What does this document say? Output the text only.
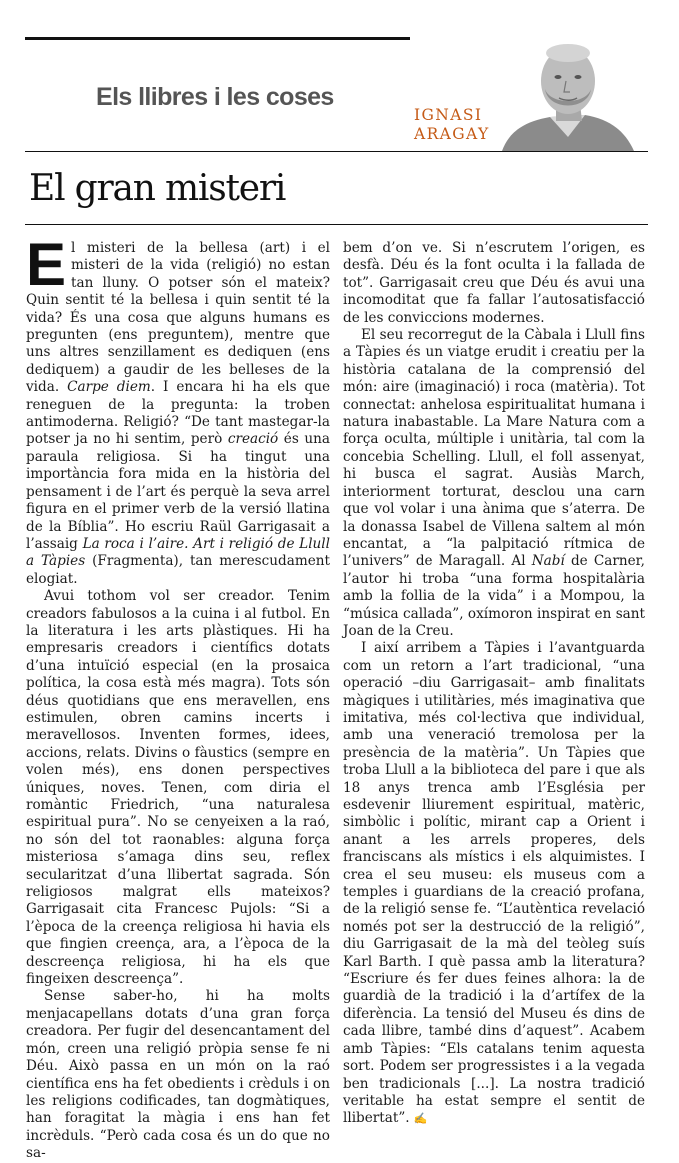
Els llibres i les coses
IGNASI
ARAGAY
El gran misteri

El misteri de la bellesa (art) i el misteri de la vida (religió) no estan tan lluny. O potser són el mateix? Quin sentit té la bellesa i quin sentit té la vida? És una cosa que alguns humans es pregunten (ens preguntem), mentre que uns altres senzillament es dediquen (ens dediquem) a gaudir de les belleses de la vida. Carpe diem. I encara hi ha els que reneguen de la pregunta: la troben antimoderna. Religió? “De tant mastegar-la potser ja no hi sentim, però creació és una paraula religiosa. Si ha tingut una importància fora mida en la història del pensament i de l’art és perquè la seva arrel figura en el primer verb de la versió llatina de la Bíblia”. Ho escriu Raül Garrigasait a l’assaig La roca i l’aire. Art i religió de Llull a Tàpies (Fragmenta), tan merescudament elogiat.

Avui tothom vol ser creador. Tenim creadors fabulosos a la cuina i al futbol. En la literatura i les arts plàstiques. Hi ha empresaris creadors i científics dotats d’una intuïció especial (en la prosaica política, la cosa està més magra). Tots són déus quotidians que ens meravellen, ens estimulen, obren camins incerts i meravellosos. Inventen formes, idees, accions, relats. Divins o fàustics (sempre en volen més), ens donen perspectives úniques, noves. Tenen, com diria el romàntic Friedrich, “una naturalesa espiritual pura”. No se cenyeixen a la raó, no són del tot raonables: alguna força misteriosa s’amaga dins seu, reflex secularitzat d’una llibertat sagrada. Són religiosos malgrat ells mateixos? Garrigasait cita Francesc Pujols: “Si a l’època de la creença religiosa hi havia els que fingien creença, ara, a l’època de la descreença religiosa, hi ha els que fingeixen descreença”.

Sense saber-ho, hi ha molts menjacapellans dotats d’una gran força creadora. Per fugir del desencantament del món, creen una religió pròpia sense fe ni Déu. Això passa en un món on la raó científica ens ha fet obedients i crèduls i on les religions codificades, tan dogmàtiques, han foragitat la màgia i ens han fet incrèduls. “Però cada cosa és un do que no sa-

bem d’on ve. Si n’escrutem l’origen, es desfà. Déu és la font oculta i la fallada de tot”. Garrigasait creu que Déu és avui una incomoditat que fa fallar l’autosatisfacció de les conviccions modernes.

El seu recorregut de la Càbala i Llull fins a Tàpies és un viatge erudit i creatiu per la història catalana de la comprensió del món: aire (imaginació) i roca (matèria). Tot connectat: anhelosa espiritualitat humana i natura inabastable. La Mare Natura com a força oculta, múltiple i unitària, tal com la concebia Schelling. Llull, el foll assenyat, hi busca el sagrat. Ausiàs March, interiorment torturat, desclou una carn que vol volar i una ànima que s’aterra. De la donassa Isabel de Villena saltem al món encantat, a “la palpitació rítmica de l’univers” de Maragall. Al Nabí de Carner, l’autor hi troba “una forma hospitalària amb la follia de la vida” i a Mompou, la “música callada”, oxímoron inspirat en sant Joan de la Creu.

I així arribem a Tàpies i l’avantguarda com un retorn a l’art tradicional, “una operació –diu Garrigasait– amb finalitats màgiques i utilitàries, més imaginativa que imitativa, més col·lectiva que individual, amb una veneració tremolosa per la presència de la matèria”. Un Tàpies que troba Llull a la biblioteca del pare i que als 18 anys trenca amb l’Església per esdevenir lliurement espiritual, matèric, simbòlic i polític, mirant cap a Orient i anant a les arrels properes, dels franciscans als místics i els alquimistes. I crea el seu museu: els museus com a temples i guardians de la creació profana, de la religió sense fe. “L’autèntica revelació només pot ser la destrucció de la religió”, diu Garrigasait de la mà del teòleg suís Karl Barth. I què passa amb la literatura? “Escriure és fer dues feines alhora: la de guardià de la tradició i la d’artífex de la diferència. La tensió del Museu és dins de cada llibre, també dins d’aquest”. Acabem amb Tàpies: “Els catalans tenim aquesta sort. Podem ser progressistes i a la vegada ben tradicionals [...]. La nostra tradició veritable ha estat sempre el sentit de llibertat”. ✍
